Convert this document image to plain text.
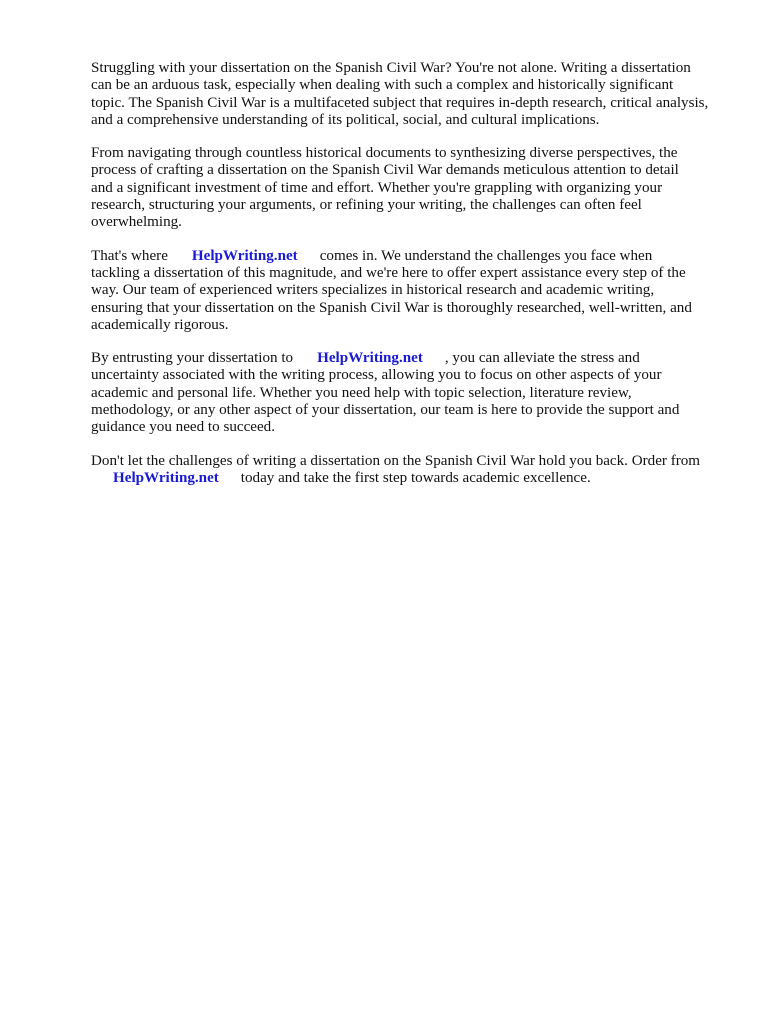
Struggling with your dissertation on the Spanish Civil War? You're not alone. Writing a dissertation
can be an arduous task, especially when dealing with such a complex and historically significant
topic. The Spanish Civil War is a multifaceted subject that requires in-depth research, critical analysis,
and a comprehensive understanding of its political, social, and cultural implications.

From navigating through countless historical documents to synthesizing diverse perspectives, the
process of crafting a dissertation on the Spanish Civil War demands meticulous attention to detail
and a significant investment of time and effort. Whether you're grappling with organizing your
research, structuring your arguments, or refining your writing, the challenges can often feel
overwhelming.

That's where HelpWriting.net comes in. We understand the challenges you face when
tackling a dissertation of this magnitude, and we're here to offer expert assistance every step of the
way. Our team of experienced writers specializes in historical research and academic writing,
ensuring that your dissertation on the Spanish Civil War is thoroughly researched, well-written, and
academically rigorous.

By entrusting your dissertation to HelpWriting.net , you can alleviate the stress and
uncertainty associated with the writing process, allowing you to focus on other aspects of your
academic and personal life. Whether you need help with topic selection, literature review,
methodology, or any other aspect of your dissertation, our team is here to provide the support and
guidance you need to succeed.

Don't let the challenges of writing a dissertation on the Spanish Civil War hold you back. Order from
HelpWriting.net today and take the first step towards academic excellence.
